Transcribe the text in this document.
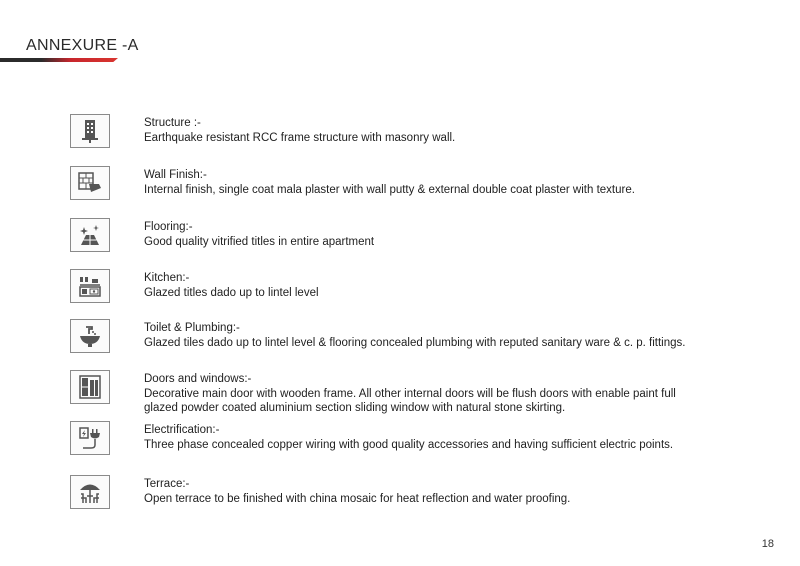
ANNEXURE -A
Structure :-
Earthquake resistant RCC frame structure with masonry wall.
Wall Finish:-
Internal finish, single coat mala plaster with wall putty & external double coat plaster with texture.
Flooring:-
Good quality vitrified titles in entire apartment
Kitchen:-
Glazed titles dado up to lintel level
Toilet & Plumbing:-
Glazed tiles dado up to lintel level & flooring concealed plumbing with reputed sanitary ware & c. p. fittings.
Doors and windows:-
Decorative main door with wooden frame. All other internal doors will be flush doors with enable paint full glazed powder coated aluminium section sliding window with natural stone skirting.
Electrification:-
Three phase concealed copper wiring with good quality accessories and having sufficient electric points.
Terrace:-
Open terrace to be finished with china mosaic for heat reflection and water proofing.
18
